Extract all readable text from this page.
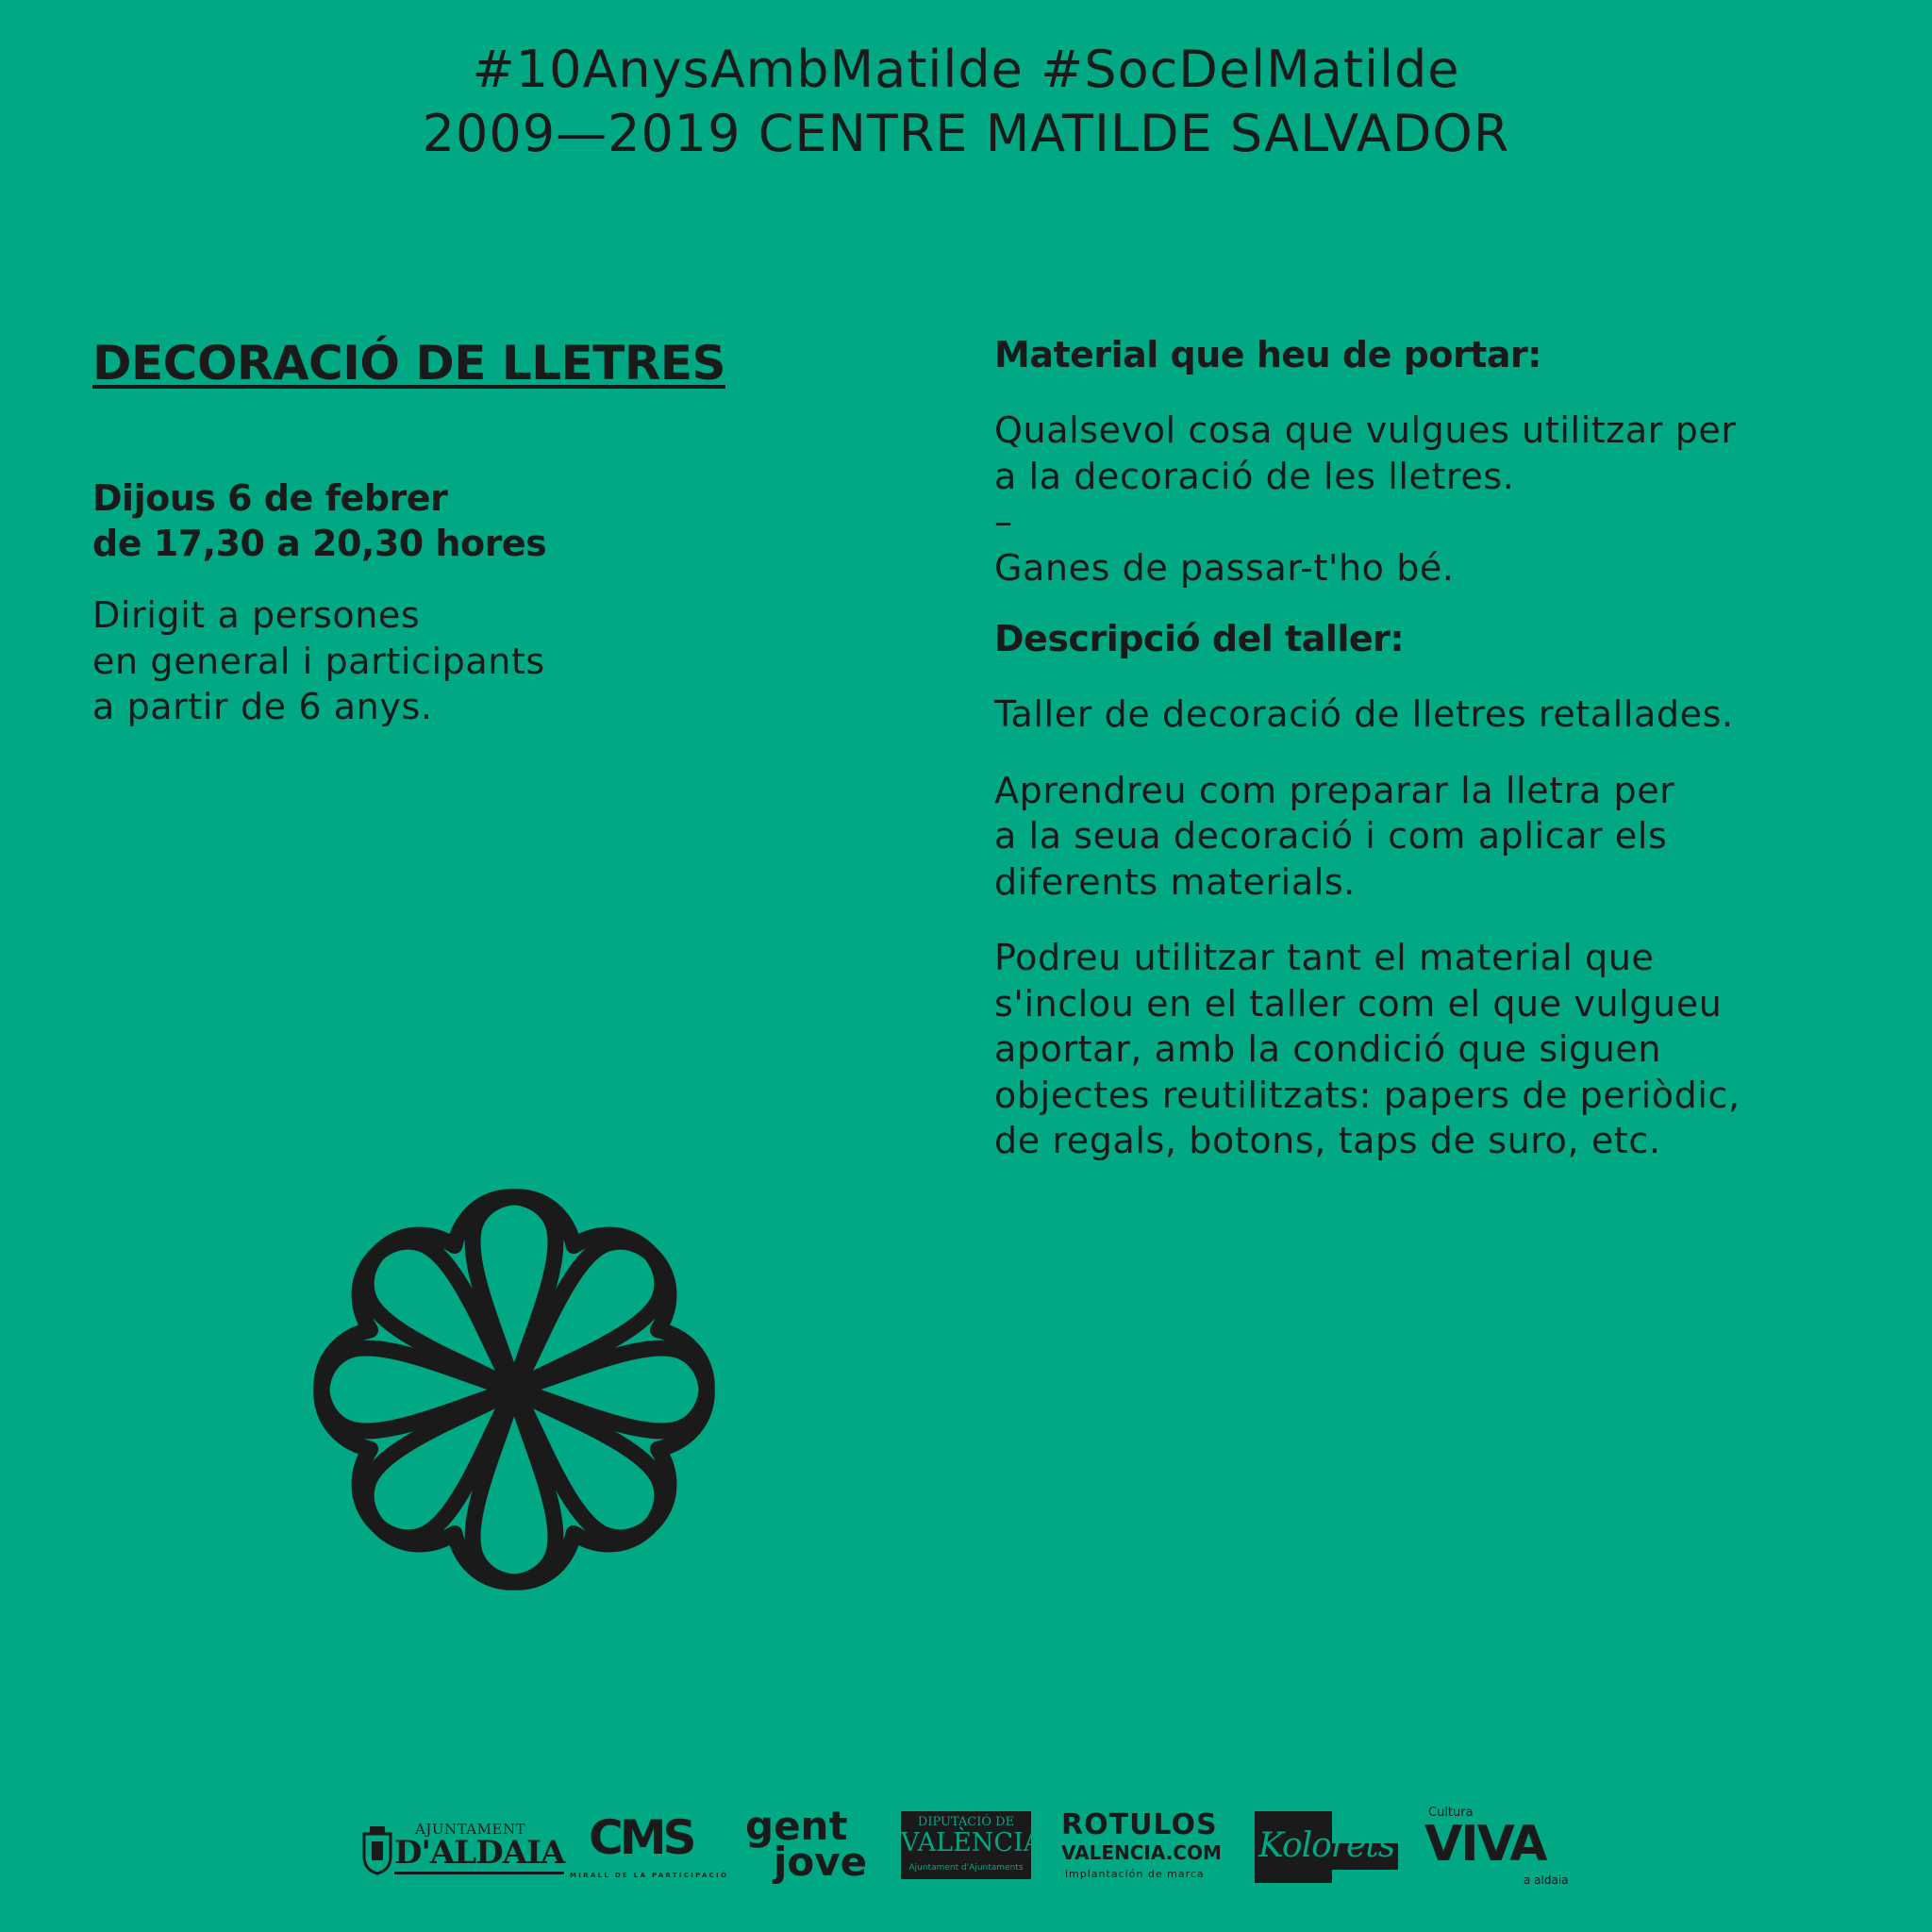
#10AnysAmbMatilde #SocDelMatilde
2009—2019 CENTRE MATILDE SALVADOR
DECORACIÓ DE LLETRES

Dijous 6 de febrer

de 17,30 a 20,30 hores

Dirigit a persones

en general i participants

a partir de 6 anys.

Material que heu de portar:

Qualsevol cosa que vulgues utilitzar per

a la decoració de les lletres.

–

Ganes de passar-t'ho bé.

Descripció del taller:

Taller de decoració de lletres retallades.

Aprendreu com preparar la lletra per

a la seua decoració i com aplicar els

diferents materials.

Podreu utilitzar tant el material que

s'inclou en el taller com el que vulgueu

aportar, amb la condició que siguen

objectes reutilitzats: papers de periòdic,

de regals, botons, taps de suro, etc.

AJUNTAMENT
D'ALDAIA CMS
MIRALL DE LA PARTICIPACIÓ
gent
jove
DIPUTACIÓ DE
VALÈNCIA
Ajuntament d'Ajuntaments
ROTULOS
VALENCIA.COM
implantación de marca
Kolorets
Cultura
VIVA
a aldaia
